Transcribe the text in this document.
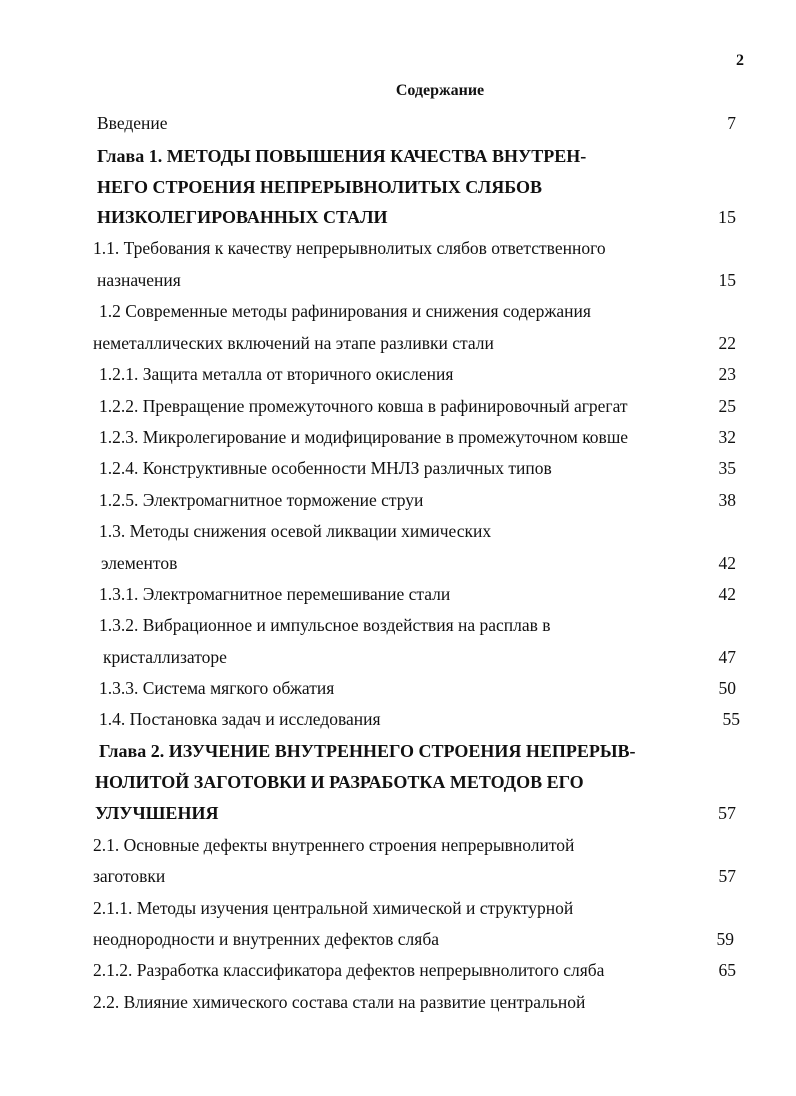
2
Содержание
Введение	7
Глава 1. МЕТОДЫ ПОВЫШЕНИЯ КАЧЕСТВА ВНУТРЕН-
НЕГО СТРОЕНИЯ НЕПРЕРЫВНОЛИТЫХ СЛЯБОВ
НИЗКОЛЕГИРОВАННЫХ СТАЛИ	15
1.1. Требования к качеству непрерывнолитых слябов ответственного
назначения	15
1.2 Современные методы рафинирования и снижения содержания
неметаллических включений на этапе разливки стали	22
1.2.1. Защита металла от вторичного окисления	23
1.2.2. Превращение промежуточного ковша в рафинировочный агрегат	25
1.2.3. Микролегирование и модифицирование в промежуточном ковше	32
1.2.4. Конструктивные особенности МНЛЗ различных типов	35
1.2.5. Электромагнитное торможение струи	38
1.3. Методы снижения осевой ликвации химических
элементов	42
1.3.1. Электромагнитное перемешивание стали	42
1.3.2. Вибрационное и импульсное воздействия на расплав в
кристаллизаторе	47
1.3.3. Система мягкого обжатия	50
1.4. Постановка задач и исследования	55
Глава 2. ИЗУЧЕНИЕ ВНУТРЕННЕГО СТРОЕНИЯ НЕПРЕРЫВ-
НОЛИТОЙ ЗАГОТОВКИ И РАЗРАБОТКА МЕТОДОВ ЕГО
УЛУЧШЕНИЯ	57
2.1. Основные дефекты внутреннего строения непрерывнолитой
заготовки	57
2.1.1. Методы изучения центральной химической и структурной
неоднородности и внутренних дефектов сляба	59
2.1.2. Разработка классификатора дефектов непрерывнолитого сляба	65
2.2. Влияние химического состава стали на развитие центральной
